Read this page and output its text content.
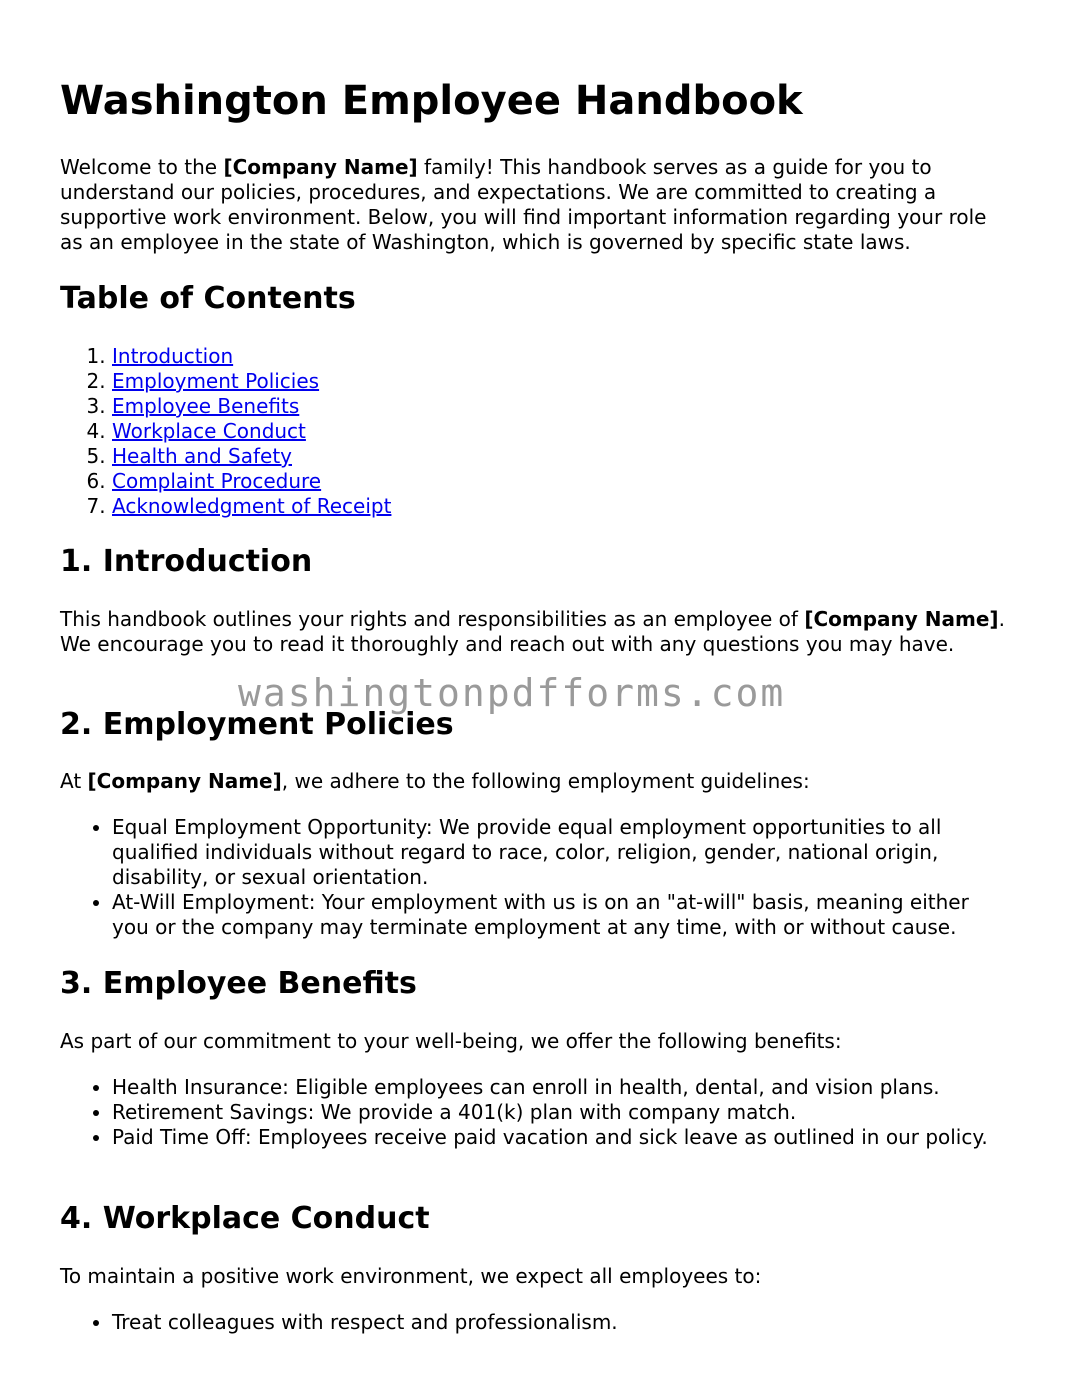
Washington Employee Handbook

Welcome to the [Company Name] family! This handbook serves as a guide for you to understand our policies, procedures, and expectations. We are committed to creating a supportive work environment. Below, you will find important information regarding your role as an employee in the state of Washington, which is governed by specific state laws.

Table of Contents
1. Introduction
2. Employment Policies
3. Employee Benefits
4. Workplace Conduct
5. Health and Safety
6. Complaint Procedure
7. Acknowledgment of Receipt
1. Introduction

This handbook outlines your rights and responsibilities as an employee of [Company Name]. We encourage you to read it thoroughly and reach out with any questions you may have.

2. Employment Policies

At [Company Name], we adhere to the following employment guidelines:

• Equal Employment Opportunity: We provide equal employment opportunities to all qualified individuals without regard to race, color, religion, gender, national origin, disability, or sexual orientation.
• At-Will Employment: Your employment with us is on an "at-will" basis, meaning either you or the company may terminate employment at any time, with or without cause.
3. Employee Benefits

As part of our commitment to your well-being, we offer the following benefits:

• Health Insurance: Eligible employees can enroll in health, dental, and vision plans.
• Retirement Savings: We provide a 401(k) plan with company match.
• Paid Time Off: Employees receive paid vacation and sick leave as outlined in our policy.
4. Workplace Conduct

To maintain a positive work environment, we expect all employees to:

• Treat colleagues with respect and professionalism.
washingtonpdfforms.com
